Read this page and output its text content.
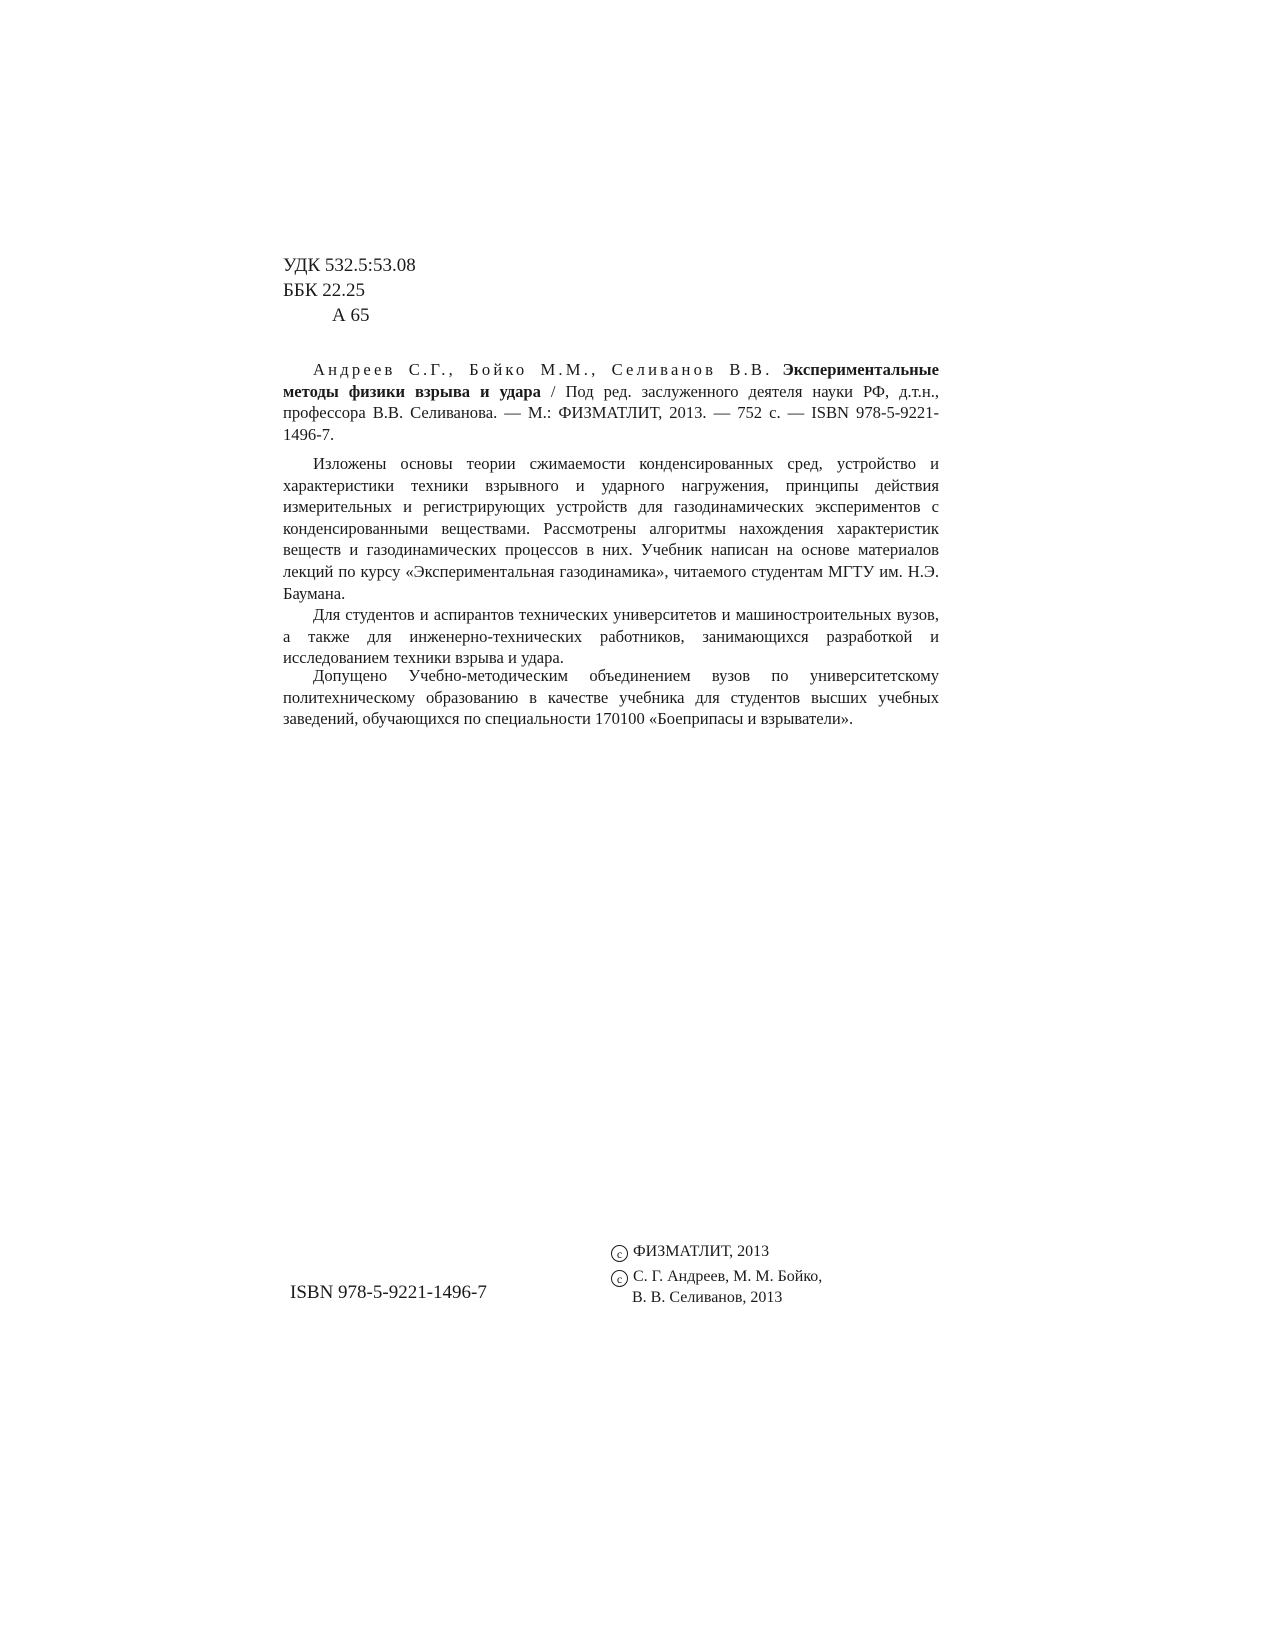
УДК 532.5:53.08
ББК 22.25
А 65

Андреев С.Г., Бойко М.М., Селиванов В.В. Экспериментальные методы физики взрыва и удара / Под ред. заслуженного деятеля науки РФ, д.т.н., профессора В.В. Селиванова. — М.: ФИЗМАТЛИТ, 2013. — 752 с. — ISBN 978-5-9221-1496-7.

Изложены основы теории сжимаемости конденсированных сред, устройство и характеристики техники взрывного и ударного нагружения, принципы действия измерительных и регистрирующих устройств для газодинамических экспериментов с конденсированными веществами. Рассмотрены алгоритмы нахождения характеристик веществ и газодинамических процессов в них. Учебник написан на основе материалов лекций по курсу «Экспериментальная газодинамика», читаемого студентам МГТУ им. Н.Э. Баумана.

Для студентов и аспирантов технических университетов и машиностроительных вузов, а также для инженерно-технических работников, занимающихся разработкой и исследованием техники взрыва и удара.

Допущено Учебно-методическим объединением вузов по университетскому политехническому образованию в качестве учебника для студентов высших учебных заведений, обучающихся по специальности 170100 «Боеприпасы и взрыватели».

ISBN 978-5-9221-1496-7
c ФИЗМАТЛИТ, 2013
c С. Г. Андреев, М. М. Бойко,
В. В. Селиванов, 2013
